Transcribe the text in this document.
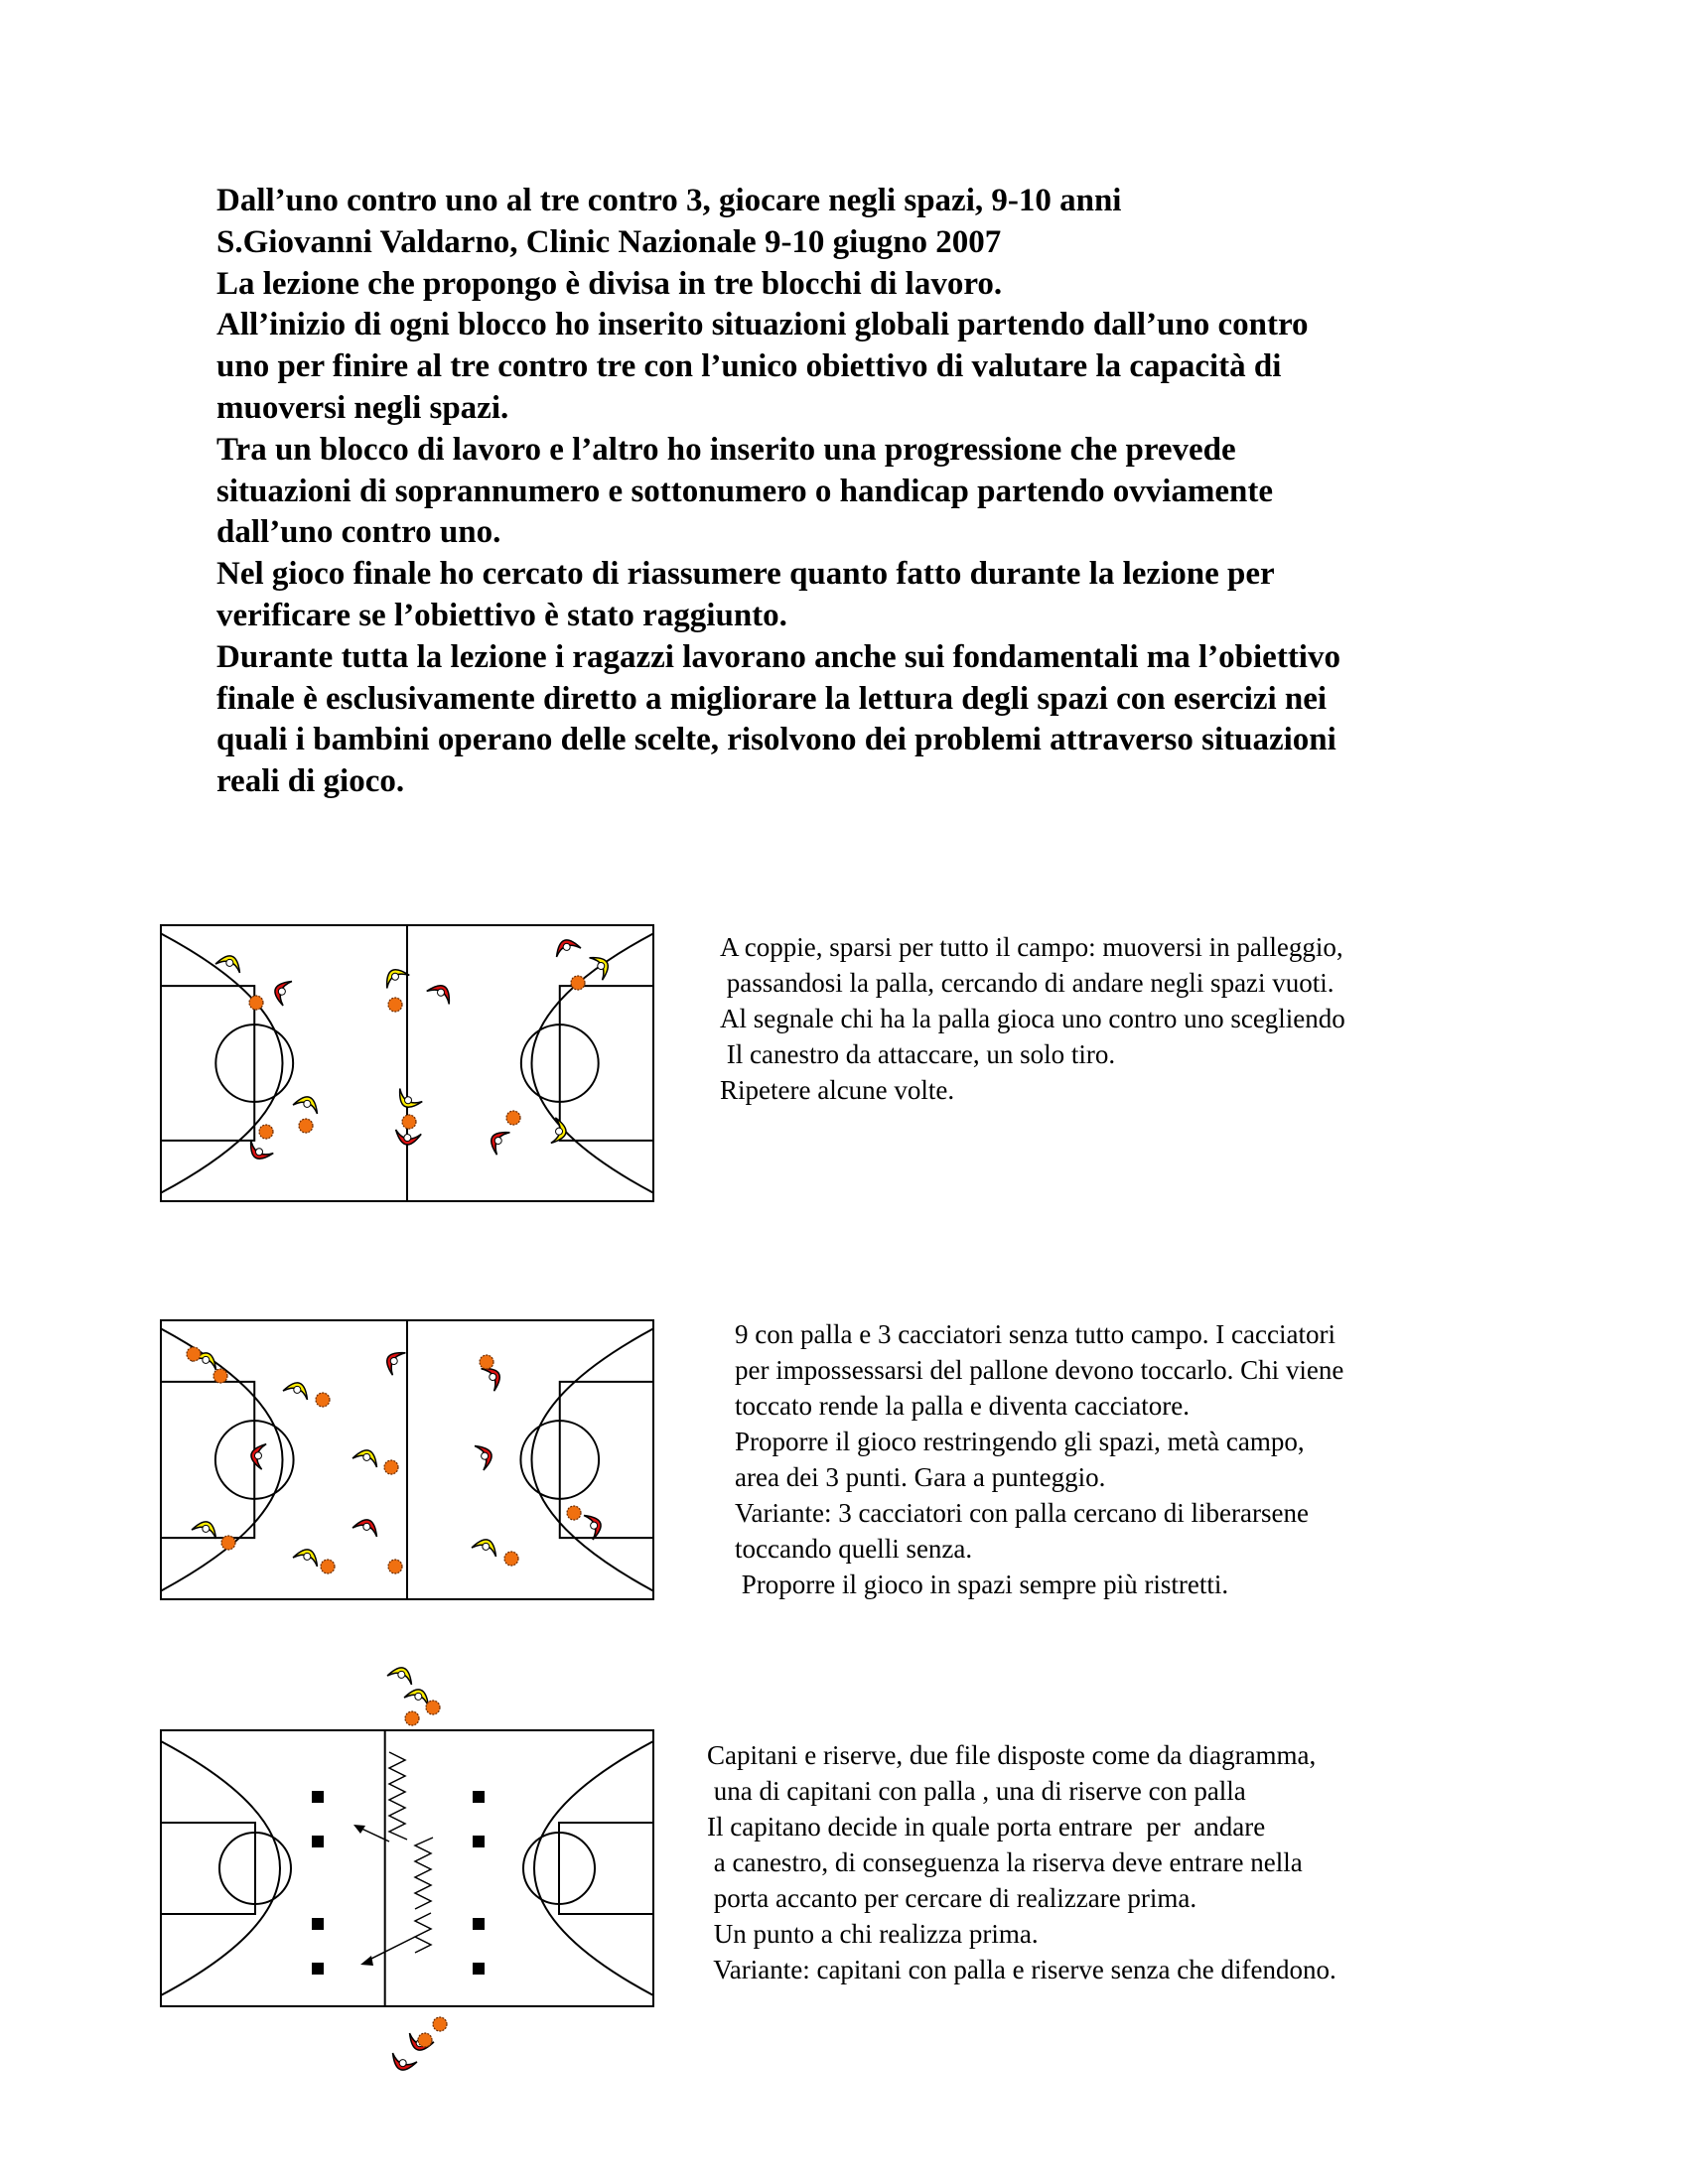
Dall’uno contro uno al tre contro 3, giocare negli spazi, 9-10 anni
S.Giovanni Valdarno, Clinic Nazionale 9-10 giugno 2007
La lezione che propongo è divisa in tre blocchi di lavoro.
All’inizio di ogni blocco ho inserito situazioni globali partendo dall’uno contro
uno per finire al tre contro tre con l’unico obiettivo di valutare la capacità di
muoversi negli spazi.
Tra un blocco di lavoro e l’altro ho inserito una progressione che prevede
situazioni di soprannumero e sottonumero o handicap partendo ovviamente
dall’uno contro uno.
Nel gioco finale ho cercato di riassumere quanto fatto durante la lezione per
verificare se l’obiettivo è stato raggiunto.
Durante tutta la lezione i ragazzi lavorano anche sui fondamentali ma l’obiettivo
finale è esclusivamente diretto a migliorare la lettura degli spazi con esercizi nei
quali i bambini operano delle scelte, risolvono dei problemi attraverso situazioni
reali di gioco.
A coppie, sparsi per tutto il campo: muoversi in palleggio,
passandosi la palla, cercando di andare negli spazi vuoti.
Al segnale chi ha la palla gioca uno contro uno scegliendo
Il canestro da attaccare, un solo tiro.
Ripetere alcune volte.
9 con palla e 3 cacciatori senza tutto campo. I cacciatori
per impossessarsi del pallone devono toccarlo. Chi viene
toccato rende la palla e diventa cacciatore.
Proporre il gioco restringendo gli spazi, metà campo,
area dei 3 punti. Gara a punteggio.
Variante: 3 cacciatori con palla cercano di liberarsene
toccando quelli senza.
Proporre il gioco in spazi sempre più ristretti.
Capitani e riserve, due file disposte come da diagramma,
una di capitani con palla , una di riserve con palla
Il capitano decide in quale porta entrare  per  andare
a canestro, di conseguenza la riserva deve entrare nella
porta accanto per cercare di realizzare prima.
Un punto a chi realizza prima.
Variante: capitani con palla e riserve senza che difendono.
